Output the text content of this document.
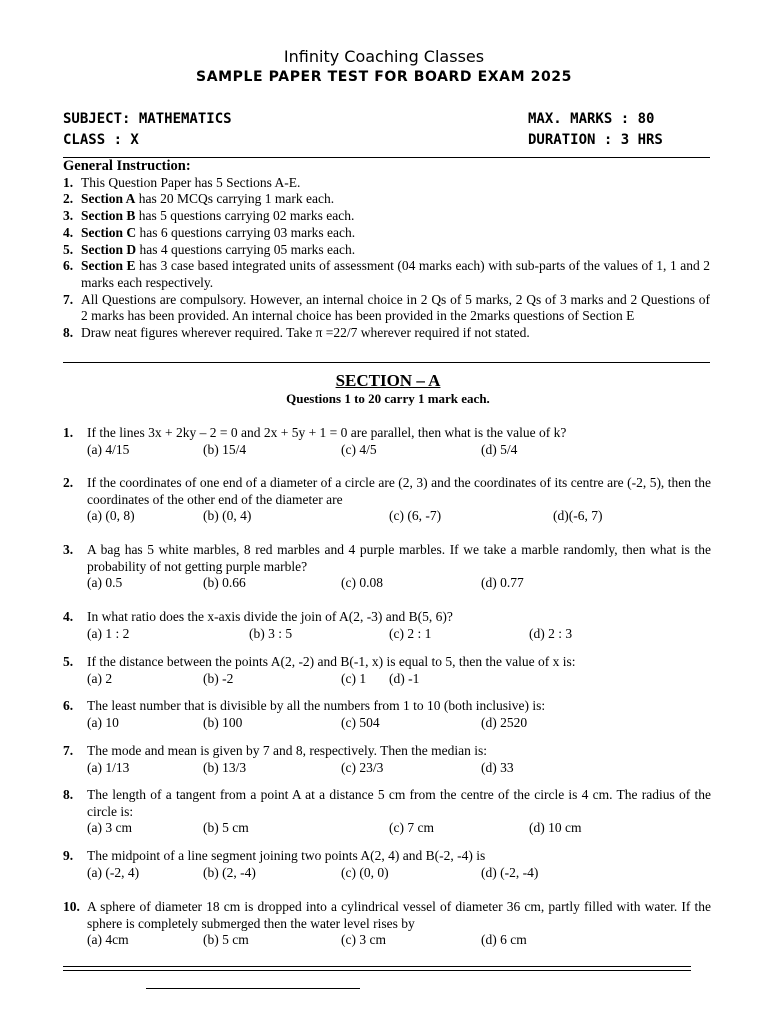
Infinity Coaching Classes
SAMPLE PAPER TEST FOR BOARD EXAM 2025
SUBJECT: MATHEMATICS	MAX. MARKS : 80
CLASS : X	DURATION : 3 HRS
General Instruction:
1. This Question Paper has 5 Sections A-E.
2. Section A has 20 MCQs carrying 1 mark each.
3. Section B has 5 questions carrying 02 marks each.
4. Section C has 6 questions carrying 03 marks each.
5. Section D has 4 questions carrying 05 marks each.
6. Section E has 3 case based integrated units of assessment (04 marks each) with sub-parts of the values of 1, 1 and 2 marks each respectively.
7. All Questions are compulsory. However, an internal choice in 2 Qs of 5 marks, 2 Qs of 3 marks and 2 Questions of 2 marks has been provided. An internal choice has been provided in the 2marks questions of Section E
8. Draw neat figures wherever required. Take π =22/7 wherever required if not stated.
SECTION – A
Questions 1 to 20 carry 1 mark each.
1. If the lines 3x + 2ky – 2 = 0 and 2x + 5y + 1 = 0 are parallel, then what is the value of k?
(a) 4/15	(b) 15/4	(c) 4/5	(d) 5/4
2. If the coordinates of one end of a diameter of a circle are (2, 3) and the coordinates of its centre are (-2, 5), then the coordinates of the other end of the diameter are
(a) (0, 8)	(b) (0, 4)	(c) (6, -7)	(d)(-6, 7)
3. A bag has 5 white marbles, 8 red marbles and 4 purple marbles. If we take a marble randomly, then what is the probability of not getting purple marble?
(a) 0.5	(b) 0.66	(c) 0.08	(d) 0.77
4. In what ratio does the x-axis divide the join of A(2, -3) and B(5, 6)?
(a) 1 : 2	(b) 3 : 5	(c) 2 : 1	(d) 2 : 3
5. If the distance between the points A(2, -2) and B(-1, x) is equal to 5, then the value of x is:
(a) 2	(b) -2	(c) 1 (d) -1
6. The least number that is divisible by all the numbers from 1 to 10 (both inclusive) is:
(a) 10	(b) 100	(c) 504	(d) 2520
7. The mode and mean is given by 7 and 8, respectively. Then the median is:
(a) 1/13	(b) 13/3	(c) 23/3	(d) 33
8. The length of a tangent from a point A at a distance 5 cm from the centre of the circle is 4 cm. The radius of the circle is:
(a) 3 cm	(b) 5 cm	(c) 7 cm	(d) 10 cm
9. The midpoint of a line segment joining two points A(2, 4) and B(-2, -4) is
(a) (-2, 4)	(b) (2, -4)	(c) (0, 0)	(d) (-2, -4)
10. A sphere of diameter 18 cm is dropped into a cylindrical vessel of diameter 36 cm, partly filled with water. If the sphere is completely submerged then the water level rises by
(a) 4cm	(b) 5 cm	(c) 3 cm	(d) 6 cm
